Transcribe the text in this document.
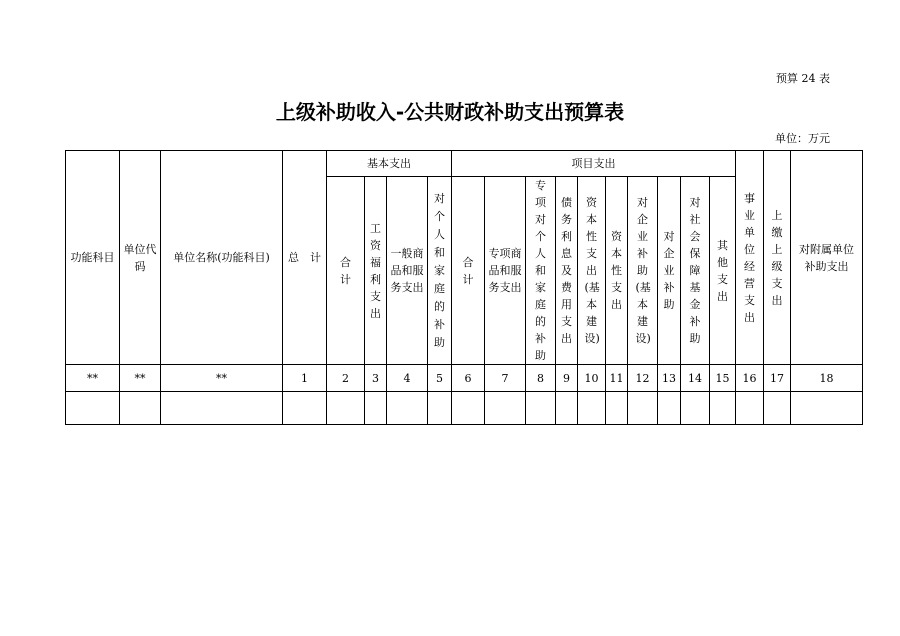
预算 24 表
上级补助收入-公共财政补助支出预算表
单位：万元
功能科目	单位代码	单位名称(功能科目)	总　计	基本支出				项目支出										事业单位经营支出	上缴上级支出	对附属单位补助支出

				合计	工资福利支出	一般商品和服务支出	对个人和家庭的补助	合计	专项商品和服务支出	专项对个人和家庭的补助	债务利息及费用支出	资本性支出(基本建设)	资本性支出	对企业补助(基本建设)	对企业补助	对社会保障基金补助	其他支出			

**	**	**	1	2	3	4	5	6	7	8	9	10	11	12	13	14	15	16	17	18
